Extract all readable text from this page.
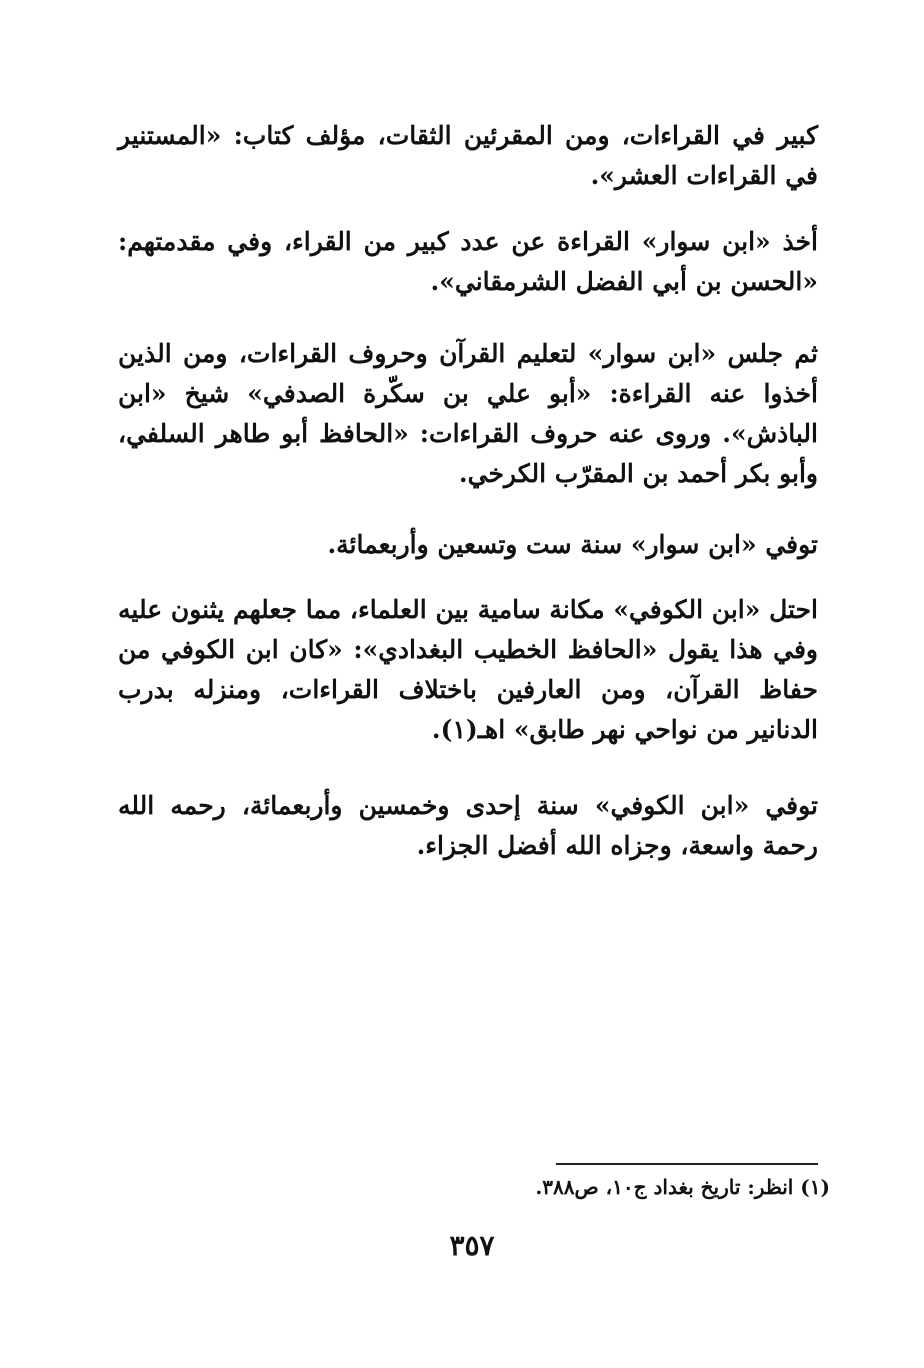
كبير في القراءات، ومن المقرئين الثقات، مؤلف كتاب: «المستنير في القراءات العشر».

أخذ «ابن سوار» القراءة عن عدد كبير من القراء، وفي مقدمتهم: «الحسن بن أبي الفضل الشرمقاني».

ثم جلس «ابن سوار» لتعليم القرآن وحروف القراءات، ومن الذين أخذوا عنه القراءة: «أبو علي بن سكّرة الصدفي» شيخ «ابن الباذش». وروى عنه حروف القراءات: «الحافظ أبو طاهر السلفي، وأبو بكر أحمد بن المقرّب الكرخي.

توفي «ابن سوار» سنة ست وتسعين وأربعمائة.

احتل «ابن الكوفي» مكانة سامية بين العلماء، مما جعلهم يثنون عليه وفي هذا يقول «الحافظ الخطيب البغدادي»: «كان ابن الكوفي من حفاظ القرآن، ومن العارفين باختلاف القراءات، ومنزله بدرب الدنانير من نواحي نهر طابق» اهـ(١).

توفي «ابن الكوفي» سنة إحدى وخمسين وأربعمائة، رحمه الله رحمة واسعة، وجزاه الله أفضل الجزاء.

(١) انظر: تاريخ بغداد ج١٠، ص٣٨٨.
٣٥٧
